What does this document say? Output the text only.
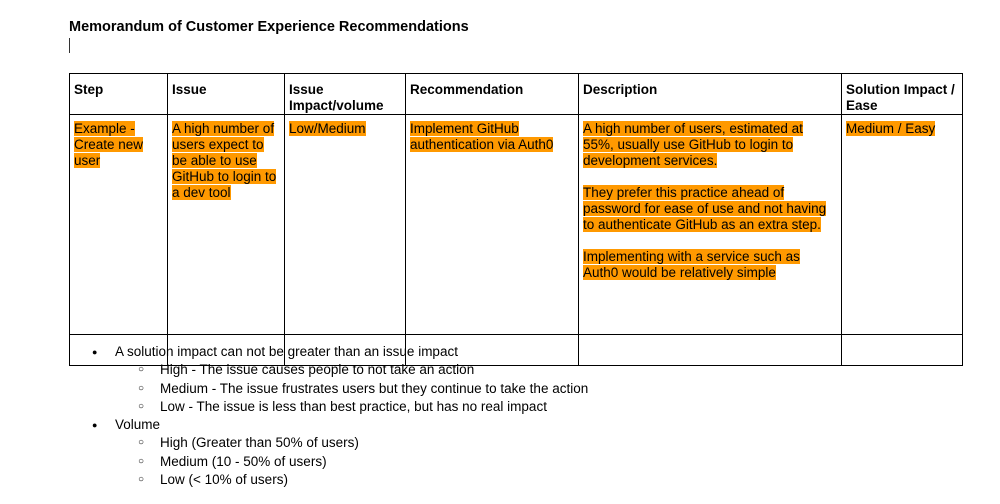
Memorandum of Customer Experience Recommendations
Step	Issue	Issue Impact/volume	Recommendation	Description	Solution Impact / Ease
Example - Create new user	A high number of users expect to be able to use GitHub to login to a dev tool	Low/Medium	Implement GitHub authentication via Auth0	A high number of users, estimated at 55%, usually use GitHub to login to development services.

They prefer this practice ahead of password for ease of use and not having to authenticate GitHub as an extra step.

Implementing with a service such as Auth0 would be relatively simple	Medium / Easy

● A solution impact can not be greater than an issue impact
○ High - The issue causes people to not take an action
○ Medium - The issue frustrates users but they continue to take the action
○ Low - The issue is less than best practice, but has no real impact
● Volume
○ High (Greater than 50% of users)
○ Medium (10 - 50% of users)
○ Low (< 10% of users)
